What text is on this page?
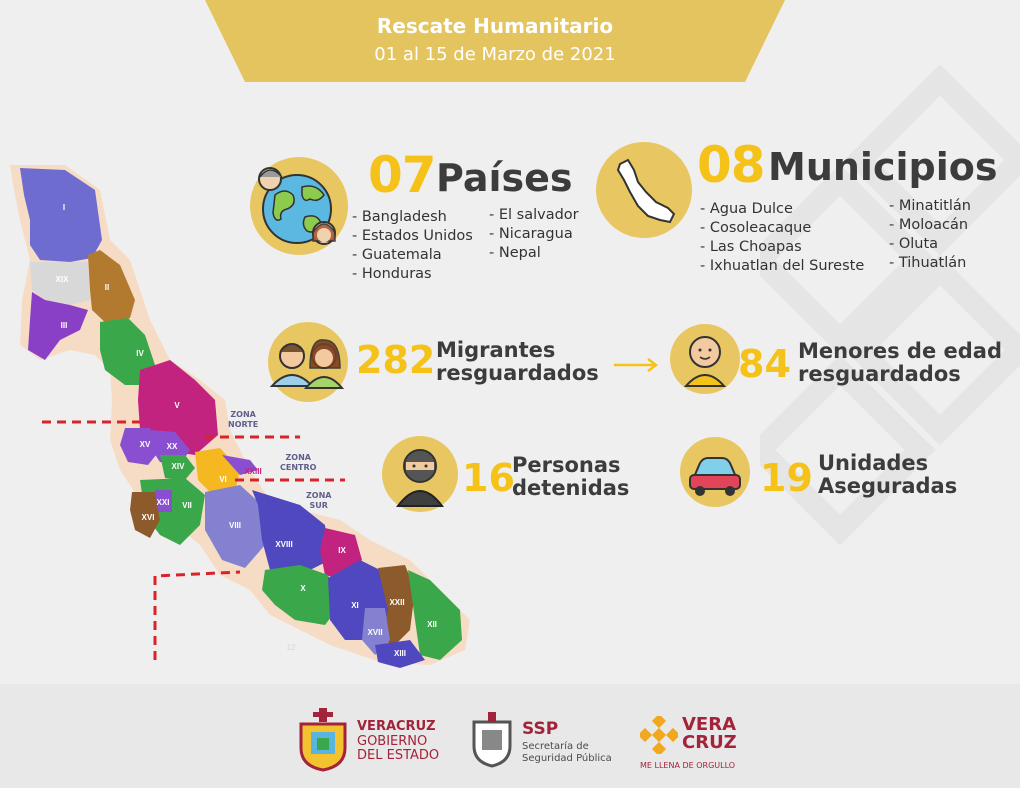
Rescate Humanitario
01 al 15 de Marzo de 2021
07 Países
- Bangladesh
- Estados Unidos
- Guatemala
- Honduras
- El salvador
- Nicaragua
- Nepal
08 Municipios
- Agua Dulce
- Cosoleacaque
- Las Choapas
- Ixhuatlan del Sureste
- Minatitlán
- Moloacán
- Oluta
- Tihuatlán
282 Migrantes
resguardados	84 Menores de edad
resguardados
16
Personas
detenidas	19 Unidades
Aseguradas
I
XIX
II
III
IV
V
XV XX
XIV
XXIII
VI
XXI VII
XVI
VIII
XVIII
IX
X
XI	XXII
XVII
XII
XIII
12
ZONA
NORTE
ZONA
CENTRO
ZONA
SUR
VERACRUZ
GOBIERNO
DEL ESTADO
SSP
Secretaría de
Seguridad Pública
VERA
CRUZ
ME LLENA DE ORGULLO
